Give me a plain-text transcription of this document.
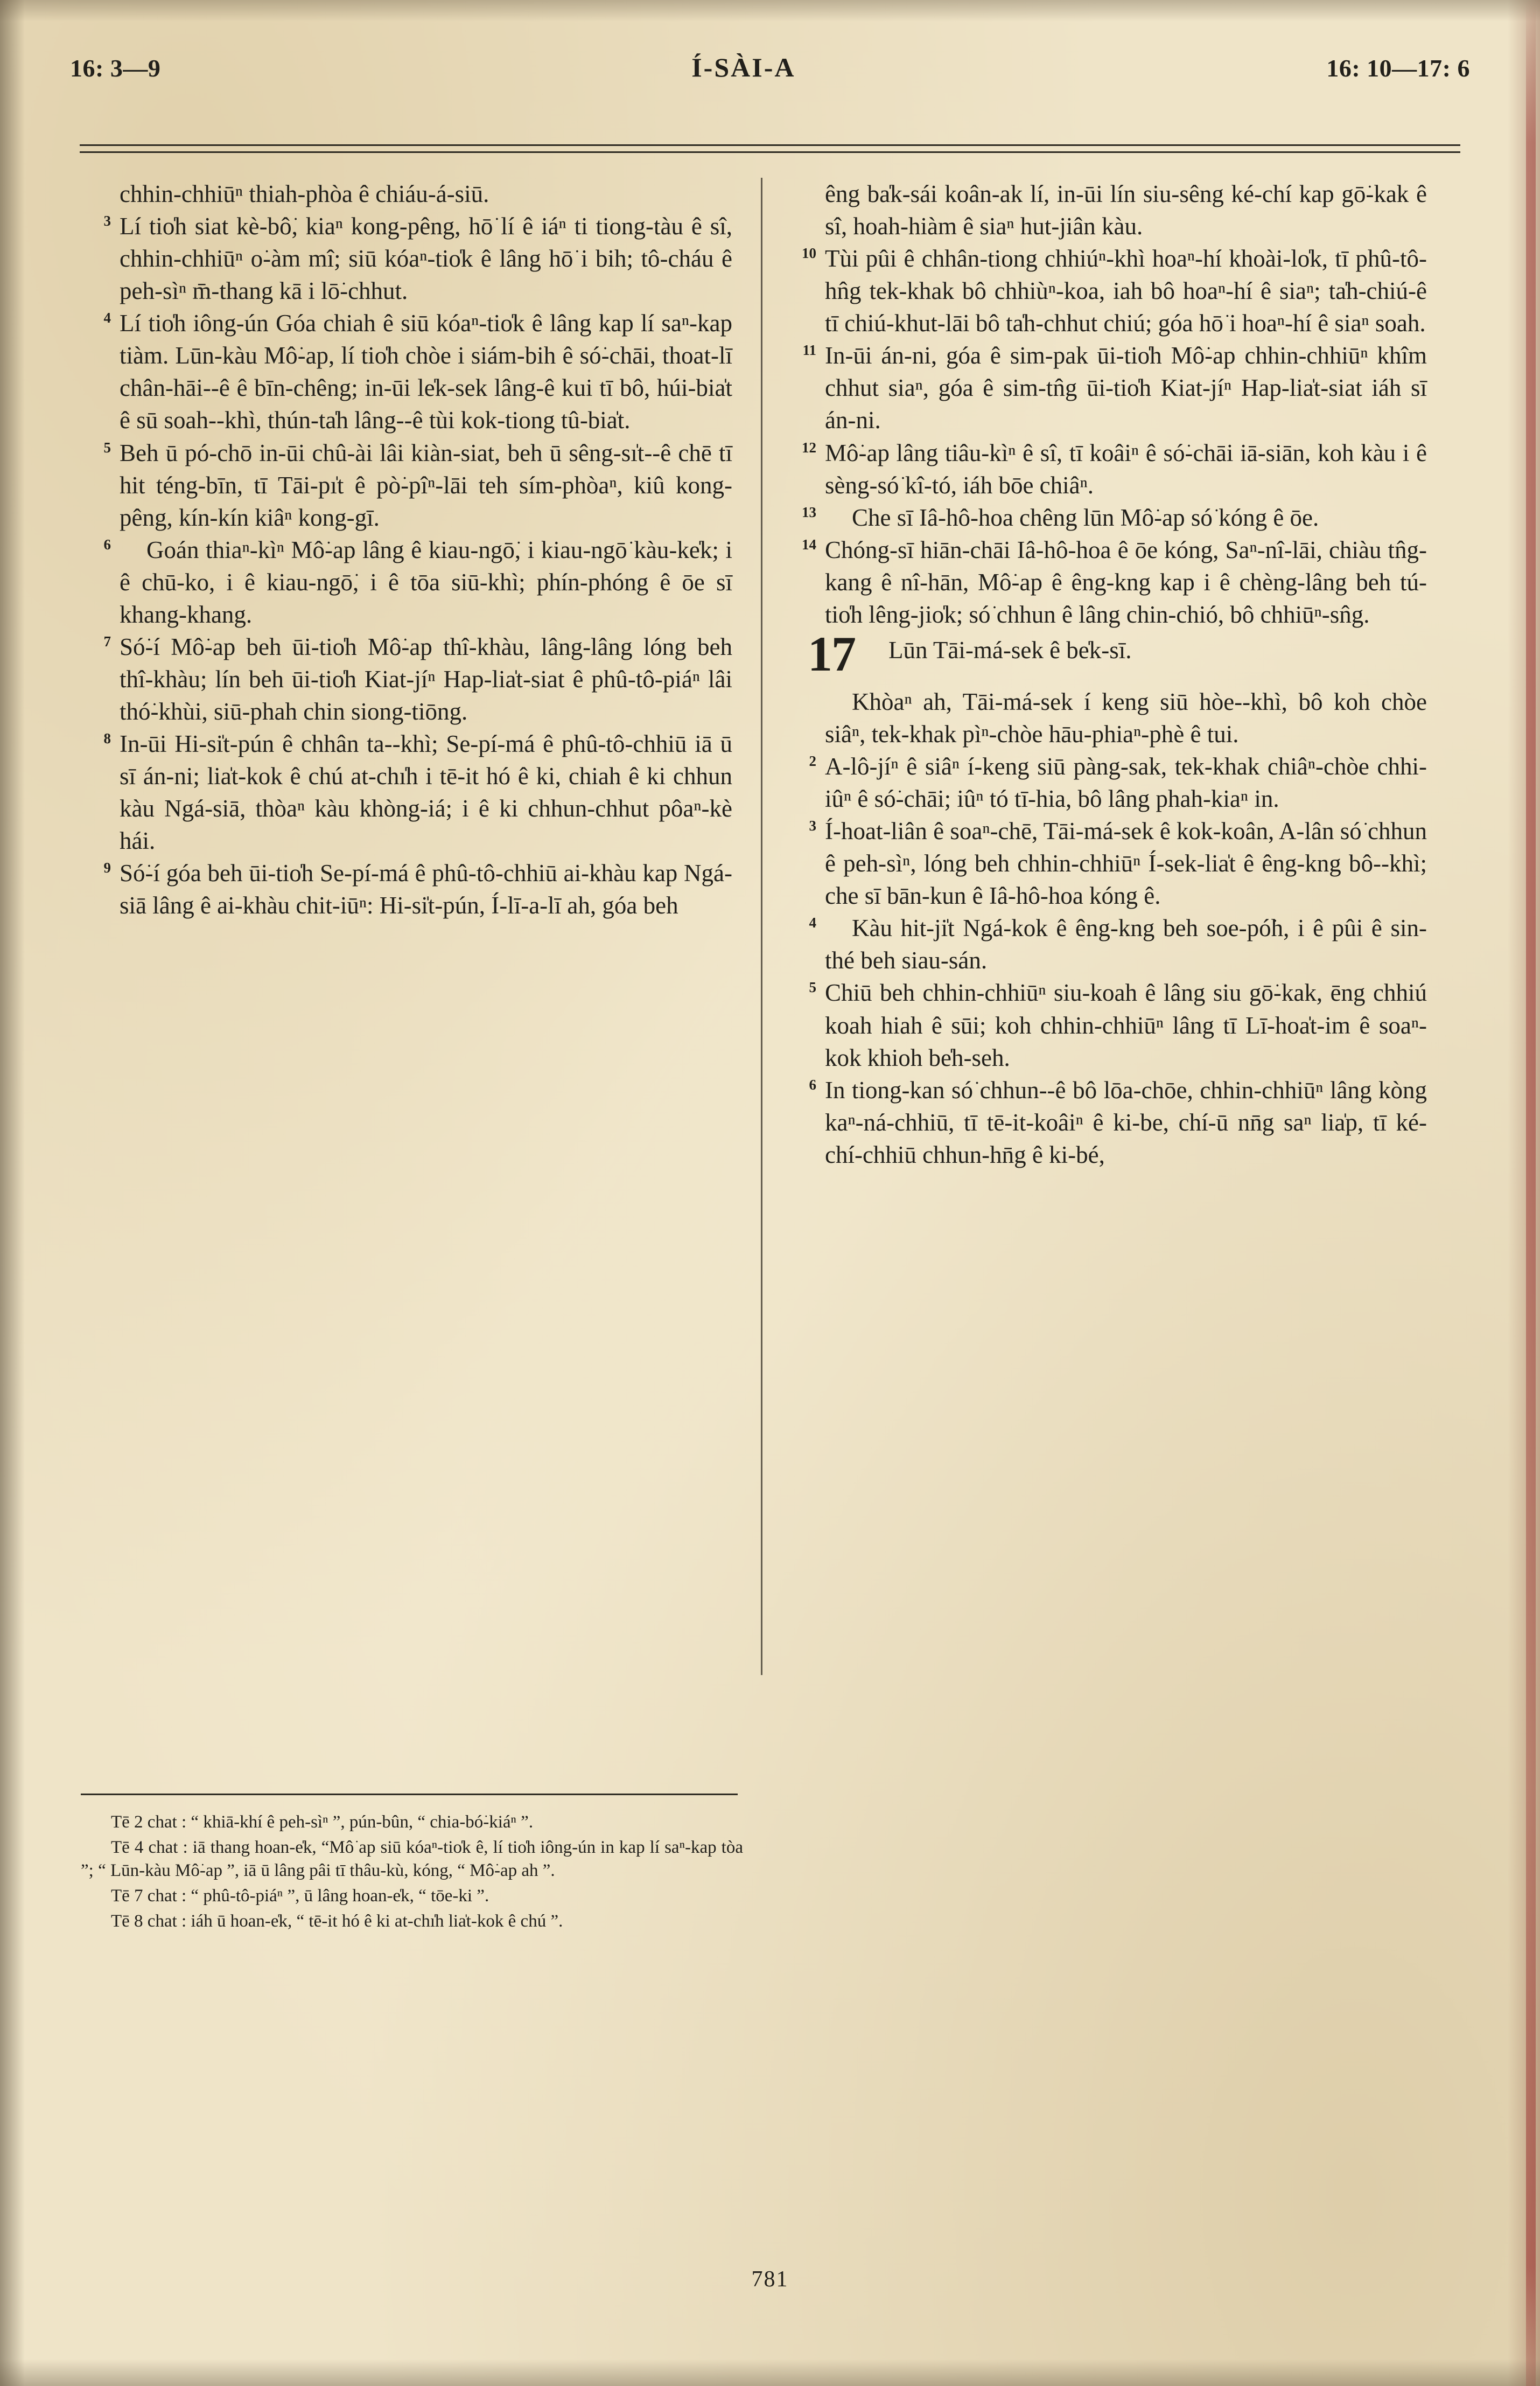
16: 3—9	Í-SÀI-A	16: 10—17: 6

chhin-chhiūⁿ thiah-phòa ê chiáu-á-siū.

3 Lí tio̍h siat kè-bô͘, kiaⁿ kong-pêng, hō͘ lí ê iáⁿ ti tiong-tàu ê sî, chhin-chhiūⁿ o͘-àm mî; siū kóaⁿ-tio̍k ê lâng hō͘ i bih; tô-cháu ê peh-sìⁿ m̄-thang kā i lō͘-chhut.

4 Lí tio̍h iông-ún Góa chiah ê siū kóaⁿ-tio̍k ê lâng kap lí saⁿ-kap tiàm. Lūn-kàu Mô͘-ap, lí tio̍h chòe i siám-bih ê só͘-chāi, thoat-lī chân-hāi--ê ê bīn-chêng; in-ūi le̍k-sek lâng-ê kui tī bô, húi-bia̍t ê sū soah--khì, thún-ta̍h lâng--ê tùi kok-tiong tû-bia̍t.

5 Beh ū pó-chō in-ūi chû-ài lâi kiàn-siat, beh ū sêng-sı̍t--ê chē tī hit téng-bīn, tī Tāi-pı̍t ê pò͘-pîⁿ-lāi teh sím-phòaⁿ, kiû kong-pêng, kín-kín kiâⁿ kong-gī.

6 Goán thiaⁿ-kìⁿ Mô͘-ap lâng ê kiau-ngō͘, i kiau-ngō͘ kàu-ke̍k; i ê chū-ko, i ê kiau-ngō͘, i ê tōa siū-khì; phín-phóng ê ōe sī khang-khang.

7 Só͘-í Mô͘-ap beh ūi-tio̍h Mô͘-ap thî-khàu, lâng-lâng lóng beh thî-khàu; lín beh ūi-tio̍h Kiat-jíⁿ Hap-lia̍t-siat ê phû-tô-piáⁿ lâi thó͘-khùi, siū-phah chin siong-tiōng.

8 In-ūi Hi-si̍t-pún ê chhân ta--khì; Se-pí-má ê phû-tô-chhiū iā ū sī án-ni; lia̍t-kok ê chú at-chı̍h i tē-it hó ê ki, chiah ê ki chhun kàu Ngá-siā, thòaⁿ kàu khòng-iá; i ê ki chhun-chhut pôaⁿ-kè hái.

9 Só͘-í góa beh ūi-tio̍h Se-pí-má ê phû-tô-chhiū ai-khàu kap Ngá-siā lâng ê ai-khàu chit-iūⁿ: Hi-si̍t-pún, Í-lī-a-lī ah, góa beh

êng ba̍k-sái koân-ak lí, in-ūi lín siu-sêng ké-chí kap gō͘-kak ê sî, hoah-hiàm ê siaⁿ hut-jiân kàu.

10 Tùi pûi ê chhân-tiong chhiúⁿ-khì hoaⁿ-hí khoài-lo̍k, tī phû-tô-hn̂g tek-khak bô chhiùⁿ-koa, iah bô hoaⁿ-hí ê siaⁿ; ta̍h-chiú-ê tī chiú-khut-lāi bô ta̍h-chhut chiú; góa hō͘ i hoaⁿ-hí ê siaⁿ soah.

11 In-ūi án-ni, góa ê sim-pak ūi-tio̍h Mô͘-ap chhin-chhiūⁿ khîm chhut siaⁿ, góa ê sim-tn̂g ūi-tio̍h Kiat-jíⁿ Hap-lia̍t-siat iáh sī án-ni.

12 Mô͘-ap lâng tiâu-kìⁿ ê sî, tī koâiⁿ ê só͘-chāi iā-siān, koh kàu i ê sèng-só͘ kî-tó, iáh bōe chiâⁿ.

13 Che sī Iâ-hô-hoa chêng lūn Mô͘-ap só͘ kóng ê ōe.

14 Chóng-sī hiān-chāi Iâ-hô-hoa ê ōe kóng, Saⁿ-nî-lāi, chiàu tn̂g-kang ê nî-hān, Mô͘-ap ê êng-kng kap i ê chèng-lâng beh tú-tio̍h lêng-jio̍k; só͘ chhun ê lâng chin-chió, bô chhiūⁿ-sn̂g.

17	Lūn Tāi-má-sek ê be̍k-sī.

Khòaⁿ ah, Tāi-má-sek í keng siū hòe--khì, bô koh chòe siâⁿ, tek-khak pìⁿ-chòe hāu-phiaⁿ-phè ê tui.

2 A-lô-jíⁿ ê siâⁿ í-keng siū pàng-sak, tek-khak chiâⁿ-chòe chhi-iûⁿ ê só͘-chāi; iûⁿ tó tī-hia, bô lâng phah-kiaⁿ in.

3 Í-hoat-liân ê soaⁿ-chē, Tāi-má-sek ê kok-koân, A-lân só͘ chhun ê peh-sìⁿ, lóng beh chhin-chhiūⁿ Í-sek-lia̍t ê êng-kng bô--khì; che sī bān-kun ê Iâ-hô-hoa kóng ê.

4 Kàu hit-ji̍t Ngá-kok ê êng-kng beh soe-pó͘h, i ê pûi ê sin-thé beh siau-sán.

5 Chiū beh chhin-chhiūⁿ siu-koah ê lâng siu gō͘-kak, ēng chhiú koah hiah ê sūi; koh chhin-chhiūⁿ lâng tī Lī-hoa̍t-im ê soaⁿ-kok khioh be̍h-seh.

6 In tiong-kan só͘ chhun--ê bô lōa-chōe, chhin-chhiūⁿ lâng kòng kaⁿ-ná-chhiū, tī tē-it-koâiⁿ ê ki-be, chí-ū nn̄g saⁿ lia̍p, tī ké-chí-chhiū chhun-hn̄g ê ki-bé,

Tē 2 chat : “ khiā-khí ê peh-sìⁿ ”, pún-bûn, “ chia-bó͘-kiáⁿ ”.

Tē 4 chat : iā thang hoan-e̍k, “Mô͘ ap siū kóaⁿ-tio̍k ê, lí tio̍h iông-ún in kap lí saⁿ-kap tòa ”; “ Lūn-kàu Mô͘-ap ”, iā ū lâng pâi tī thâu-kù, kóng, “ Mô͘-ap ah ”.

Tē 7 chat : “ phû-tô-piáⁿ ”, ū lâng hoan-e̍k, “ tōe-ki ”.

Tē 8 chat : iáh ū hoan-e̍k, “ tē-it hó ê ki at-chı̍h lia̍t-kok ê chú ”.

781
